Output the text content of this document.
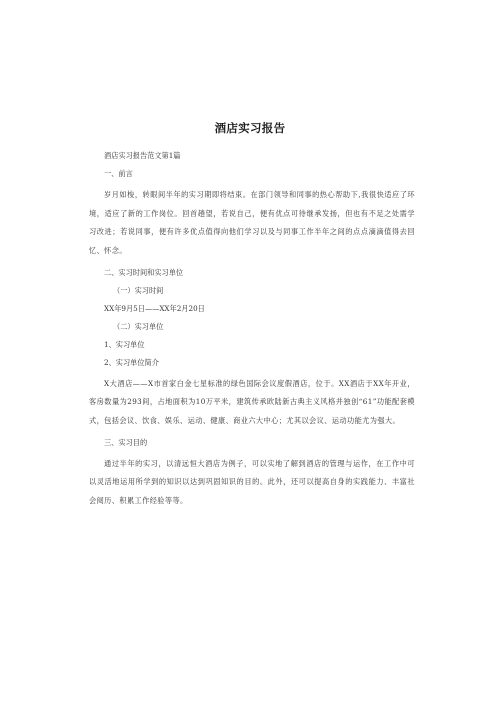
酒店实习报告

酒店实习报告范文第1篇

一、前言

岁月如梭，转眼间半年的实习期即将结束。在部门领导和同事的热心帮助下,我很快适应了环境，适应了新的工作岗位。回首趟望，若说自己，便有优点可待继承发扬，但也有不足之处需学习改进；若说同事，便有许多优点值得向他们学习以及与同事工作半年之间的点点滴滴值得去回忆、怀念。

二、实习时间和实习单位

（一）实习时间

XX年9月5日——XX年2月20日

（二）实习单位

1、实习单位

2、实习单位简介

X大酒店——X市首家白金七星标准的绿色国际会议度假酒店，位于。XX酒店于XX年开业，客房数量为293间，占地面积为10万平米，建筑传承欧陆新古典主义风格并独创“61”功能配套模式，包括会议、饮食、娱乐、运动、健康、商业六大中心；尤其以会议、运动功能尤为强大。

三、实习目的

通过半年的实习，以清远恒大酒店为例子，可以实地了解到酒店的管理与运作，在工作中可以灵活地运用所学到的知识以达到巩固知识的目的。此外，还可以提高自身的实践能力、丰富社会阅历、积累工作经验等等。
